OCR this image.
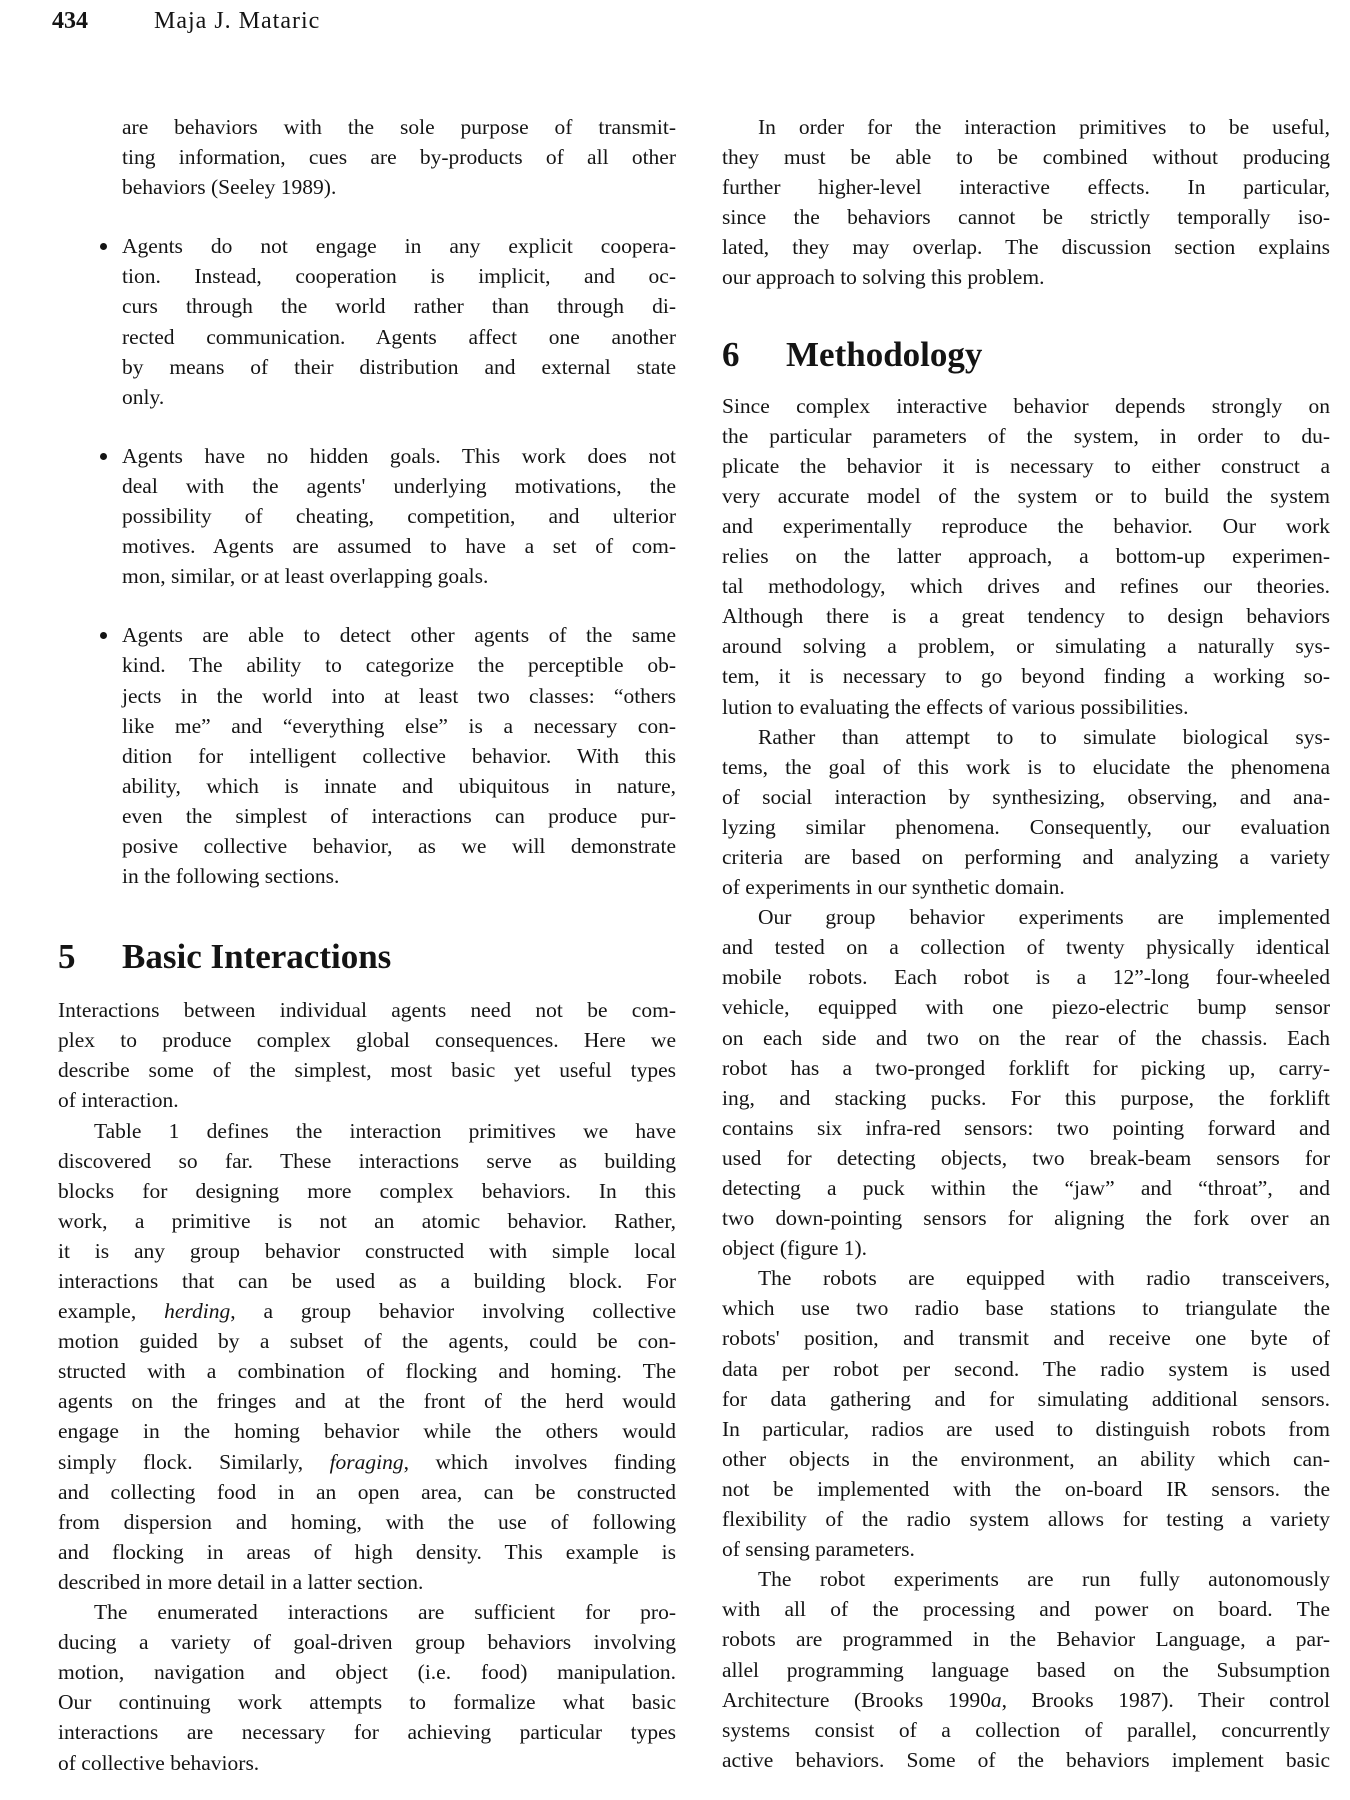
434	Maja J. Mataric
are behaviors with the sole purpose of transmit-
ting information, cues are by-products of all other
behaviors (Seeley 1989).
Agents do not engage in any explicit coopera-
tion. Instead, cooperation is implicit, and oc-
curs through the world rather than through di-
rected communication. Agents affect one another
by means of their distribution and external state
only.
Agents have no hidden goals. This work does not
deal with the agents' underlying motivations, the
possibility of cheating, competition, and ulterior
motives. Agents are assumed to have a set of com-
mon, similar, or at least overlapping goals.
Agents are able to detect other agents of the same
kind. The ability to categorize the perceptible ob-
jects in the world into at least two classes: “others
like me” and “everything else” is a necessary con-
dition for intelligent collective behavior. With this
ability, which is innate and ubiquitous in nature,
even the simplest of interactions can produce pur-
posive collective behavior, as we will demonstrate
in the following sections.
5 Basic Interactions
Interactions between individual agents need not be com-
plex to produce complex global consequences. Here we
describe some of the simplest, most basic yet useful types
of interaction.
Table 1 defines the interaction primitives we have
discovered so far. These interactions serve as building
blocks for designing more complex behaviors. In this
work, a primitive is not an atomic behavior. Rather,
it is any group behavior constructed with simple local
interactions that can be used as a building block. For
example, herding, a group behavior involving collective
motion guided by a subset of the agents, could be con-
structed with a combination of flocking and homing. The
agents on the fringes and at the front of the herd would
engage in the homing behavior while the others would
simply flock. Similarly, foraging, which involves finding
and collecting food in an open area, can be constructed
from dispersion and homing, with the use of following
and flocking in areas of high density. This example is
described in more detail in a latter section.
The enumerated interactions are sufficient for pro-
ducing a variety of goal-driven group behaviors involving
motion, navigation and object (i.e. food) manipulation.
Our continuing work attempts to formalize what basic
interactions are necessary for achieving particular types
of collective behaviors.
In order for the interaction primitives to be useful,
they must be able to be combined without producing
further higher-level interactive effects. In particular,
since the behaviors cannot be strictly temporally iso-
lated, they may overlap. The discussion section explains
our approach to solving this problem.
6 Methodology
Since complex interactive behavior depends strongly on
the particular parameters of the system, in order to du-
plicate the behavior it is necessary to either construct a
very accurate model of the system or to build the system
and experimentally reproduce the behavior. Our work
relies on the latter approach, a bottom-up experimen-
tal methodology, which drives and refines our theories.
Although there is a great tendency to design behaviors
around solving a problem, or simulating a naturally sys-
tem, it is necessary to go beyond finding a working so-
lution to evaluating the effects of various possibilities.
Rather than attempt to to simulate biological sys-
tems, the goal of this work is to elucidate the phenomena
of social interaction by synthesizing, observing, and ana-
lyzing similar phenomena. Consequently, our evaluation
criteria are based on performing and analyzing a variety
of experiments in our synthetic domain.
Our group behavior experiments are implemented
and tested on a collection of twenty physically identical
mobile robots. Each robot is a 12”-long four-wheeled
vehicle, equipped with one piezo-electric bump sensor
on each side and two on the rear of the chassis. Each
robot has a two-pronged forklift for picking up, carry-
ing, and stacking pucks. For this purpose, the forklift
contains six infra-red sensors: two pointing forward and
used for detecting objects, two break-beam sensors for
detecting a puck within the “jaw” and “throat”, and
two down-pointing sensors for aligning the fork over an
object (figure 1).
The robots are equipped with radio transceivers,
which use two radio base stations to triangulate the
robots' position, and transmit and receive one byte of
data per robot per second. The radio system is used
for data gathering and for simulating additional sensors.
In particular, radios are used to distinguish robots from
other objects in the environment, an ability which can-
not be implemented with the on-board IR sensors. the
flexibility of the radio system allows for testing a variety
of sensing parameters.
The robot experiments are run fully autonomously
with all of the processing and power on board. The
robots are programmed in the Behavior Language, a par-
allel programming language based on the Subsumption
Architecture (Brooks 1990a, Brooks 1987). Their control
systems consist of a collection of parallel, concurrently
active behaviors. Some of the behaviors implement basic
